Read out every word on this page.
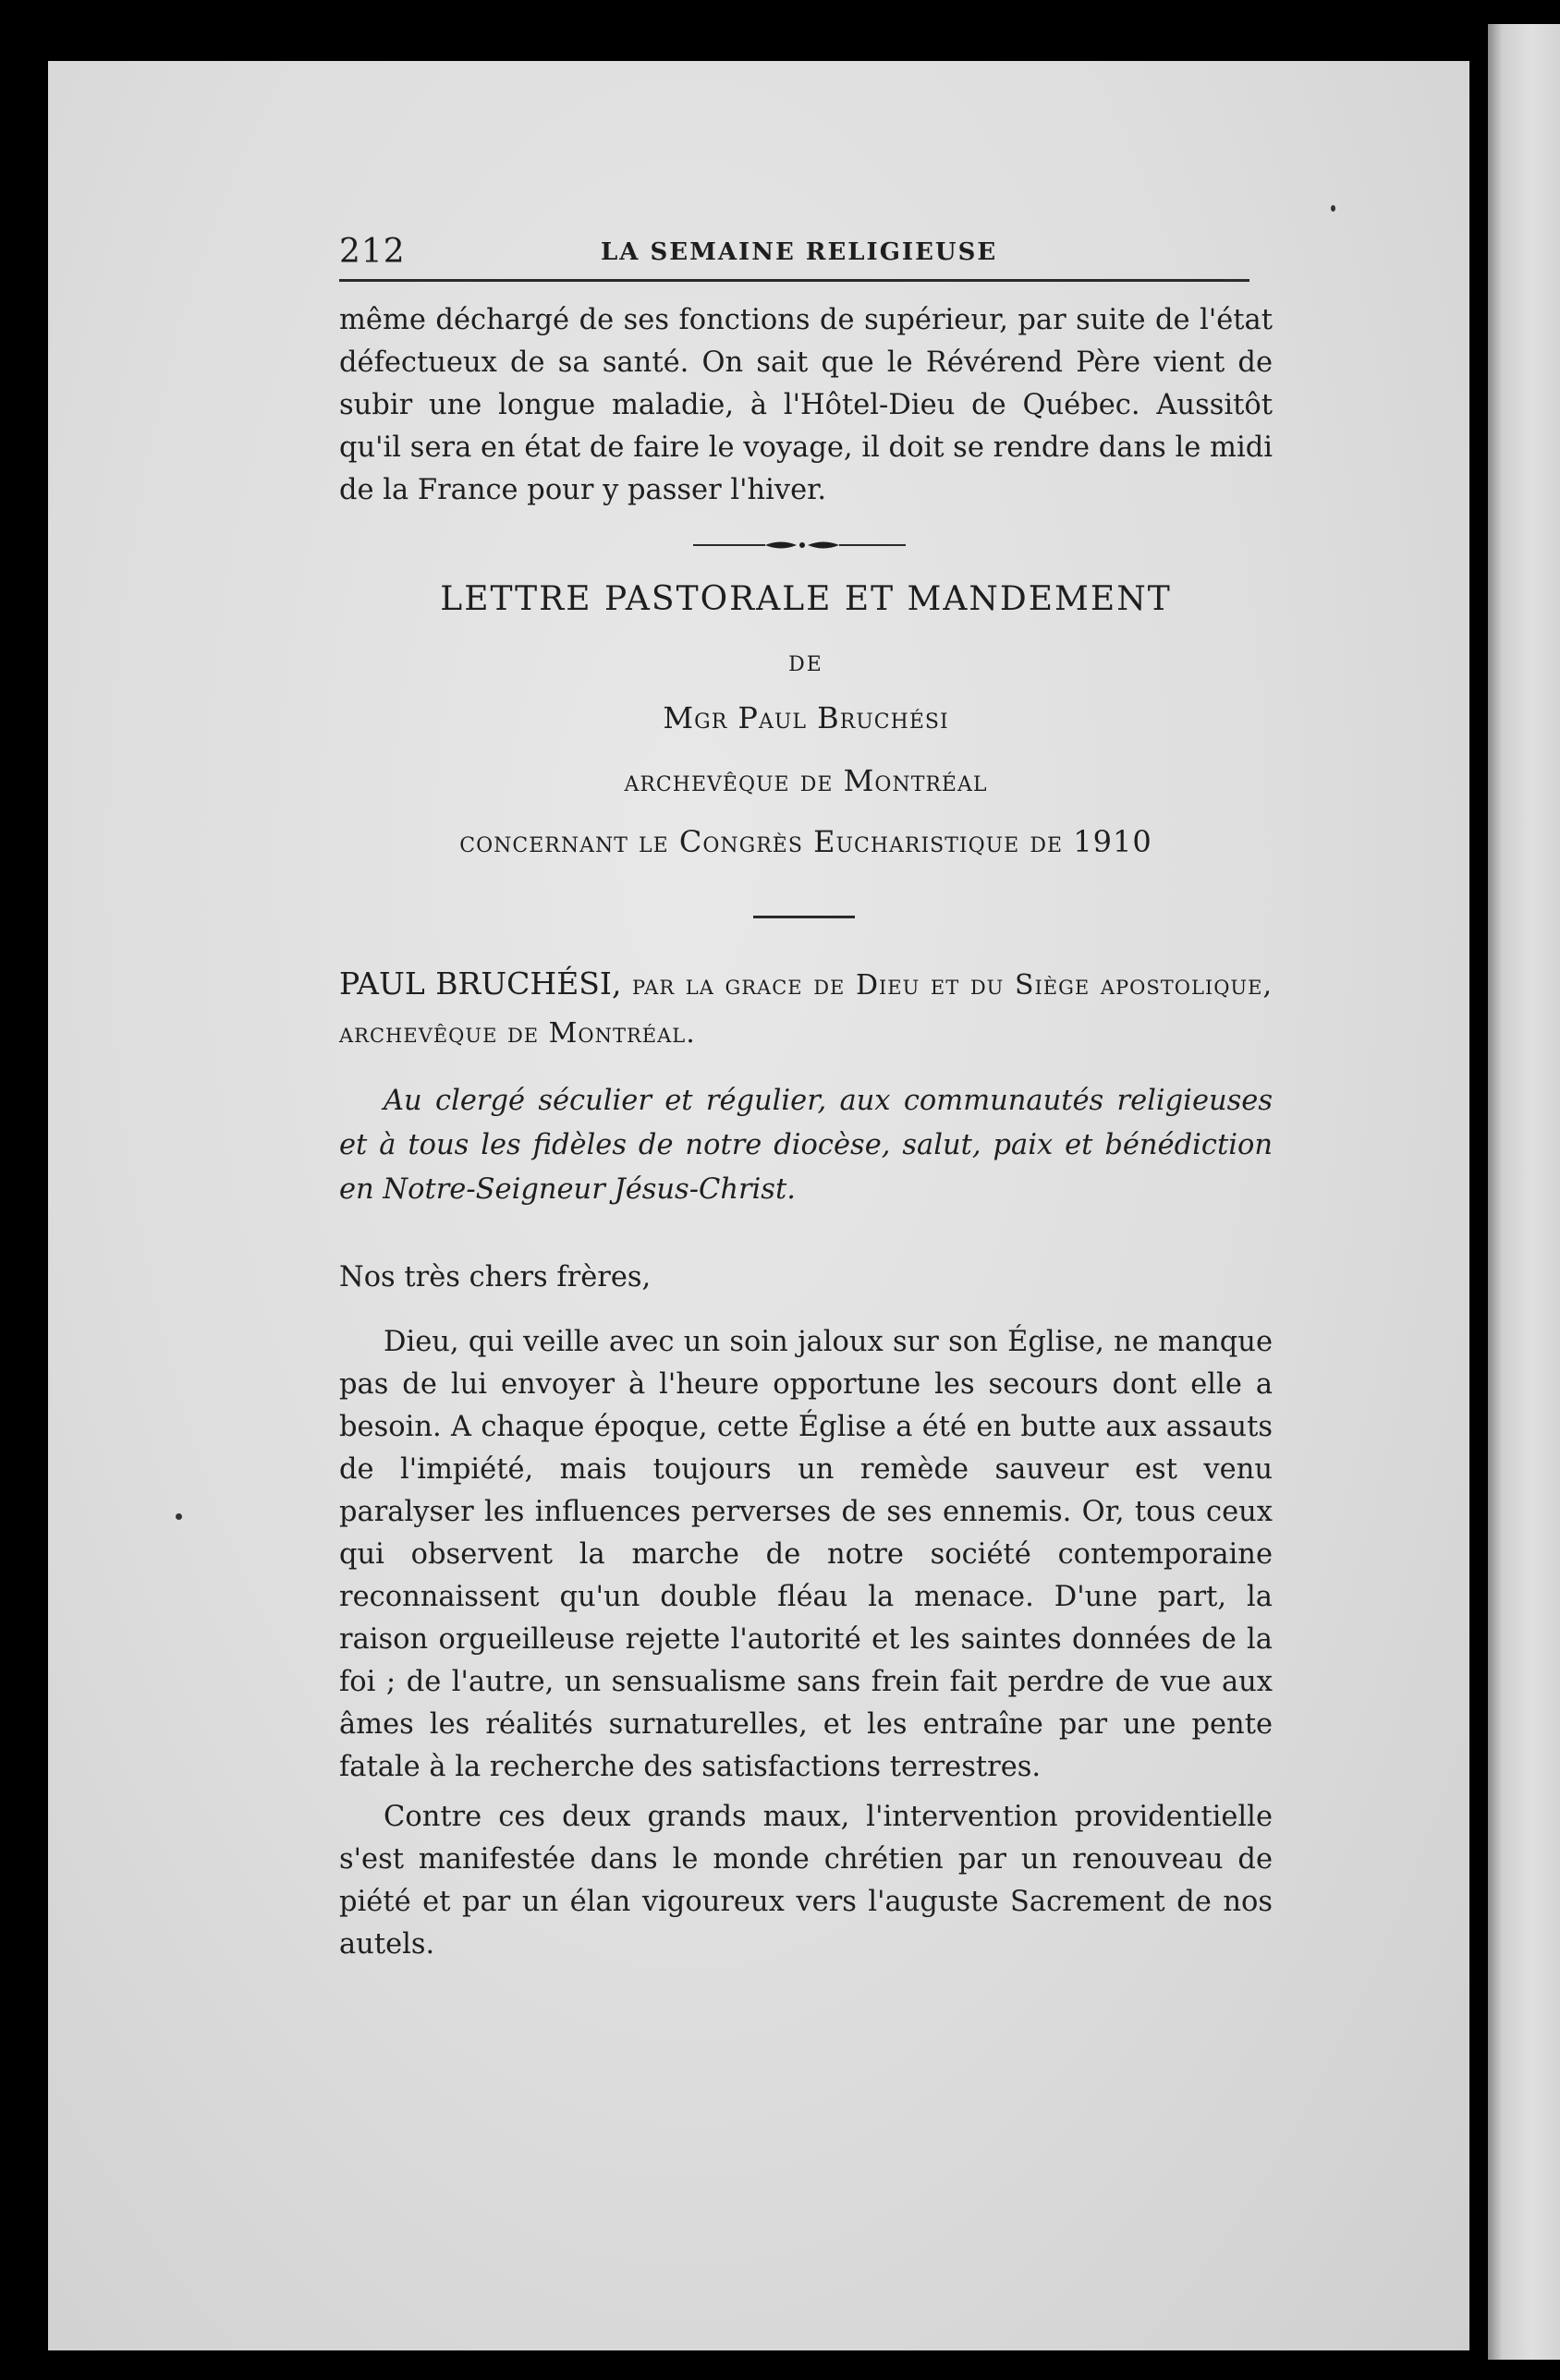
212	LA SEMAINE RELIGIEUSE

même déchargé de ses fonctions de supérieur, par suite de l'état défectueux de sa santé. On sait que le Révérend Père vient de subir une longue maladie, à l'Hôtel-Dieu de Québec. Aussitôt qu'il sera en état de faire le voyage, il doit se rendre dans le midi de la France pour y passer l'hiver.

LETTRE PASTORALE ET MANDEMENT

DE

Mgr Paul Bruchési

archevêque de Montréal

concernant le Congrès Eucharistique de 1910

PAUL BRUCHÉSI, par la grace de Dieu et du Siège apostolique, archevêque de Montréal.

Au clergé séculier et régulier, aux communautés religieuses et à tous les fidèles de notre diocèse, salut, paix et bénédiction en Notre-Seigneur Jésus-Christ.

Nos très chers frères,

Dieu, qui veille avec un soin jaloux sur son Église, ne manque pas de lui envoyer à l'heure opportune les secours dont elle a besoin. A chaque époque, cette Église a été en butte aux assauts de l'impiété, mais toujours un remède sauveur est venu paralyser les influences perverses de ses ennemis. Or, tous ceux qui observent la marche de notre société contemporaine reconnaissent qu'un double fléau la menace. D'une part, la raison orgueilleuse rejette l'autorité et les saintes données de la foi ; de l'autre, un sensualisme sans frein fait perdre de vue aux âmes les réalités surnaturelles, et les entraîne par une pente fatale à la recherche des satisfactions terrestres.

Contre ces deux grands maux, l'intervention providentielle s'est manifestée dans le monde chrétien par un renouveau de piété et par un élan vigoureux vers l'auguste Sacrement de nos autels.
